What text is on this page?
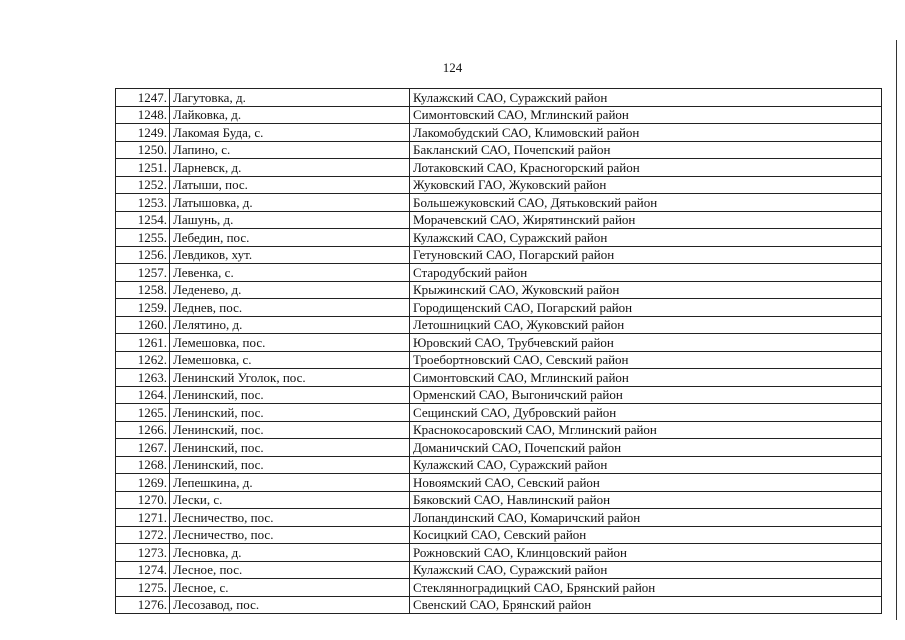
124
1247.	Лагутовка, д.	Кулажский САО, Суражский район
1248.	Лайковка, д.	Симонтовский САО, Мглинский район
1249.	Лакомая Буда, с.	Лакомобудский САО, Климовский район
1250.	Лапино, с.	Бакланский САО, Почепский район
1251.	Ларневск, д.	Лотаковский САО, Красногорский район
1252.	Латыши, пос.	Жуковский ГАО, Жуковский район
1253.	Латышовка, д.	Большежуковский САО, Дятьковский район
1254.	Лашунь, д.	Морачевский САО, Жирятинский район
1255.	Лебедин, пос.	Кулажский САО, Суражский район
1256.	Левдиков, хут.	Гетуновский САО, Погарский район
1257.	Левенка, с.	Стародубский район
1258.	Леденево, д.	Крыжинский САО, Жуковский район
1259.	Леднев, пос.	Городищенский САО, Погарский район
1260.	Лелятино, д.	Летошницкий САО, Жуковский район
1261.	Лемешовка, пос.	Юровский САО, Трубчевский район
1262.	Лемешовка, с.	Троебортновский САО, Севский район
1263.	Ленинский Уголок, пос.	Симонтовский САО, Мглинский район
1264.	Ленинский, пос.	Орменский САО, Выгоничский район
1265.	Ленинский, пос.	Сещинский САО, Дубровский район
1266.	Ленинский, пос.	Краснокосаровский САО, Мглинский район
1267.	Ленинский, пос.	Доманичский САО, Почепский район
1268.	Ленинский, пос.	Кулажский САО, Суражский район
1269.	Лепешкина, д.	Новоямский САО, Севский район
1270.	Лески, с.	Бяковский САО, Навлинский район
1271.	Лесничество, пос.	Лопандинский САО, Комаричский район
1272.	Лесничество, пос.	Косицкий САО, Севский район
1273.	Лесновка, д.	Рожновский САО, Клинцовский район
1274.	Лесное, пос.	Кулажский САО, Суражский район
1275.	Лесное, с.	Стеклянноградицкий САО, Брянский район
1276.	Лесозавод, пос.	Свенский САО, Брянский район
